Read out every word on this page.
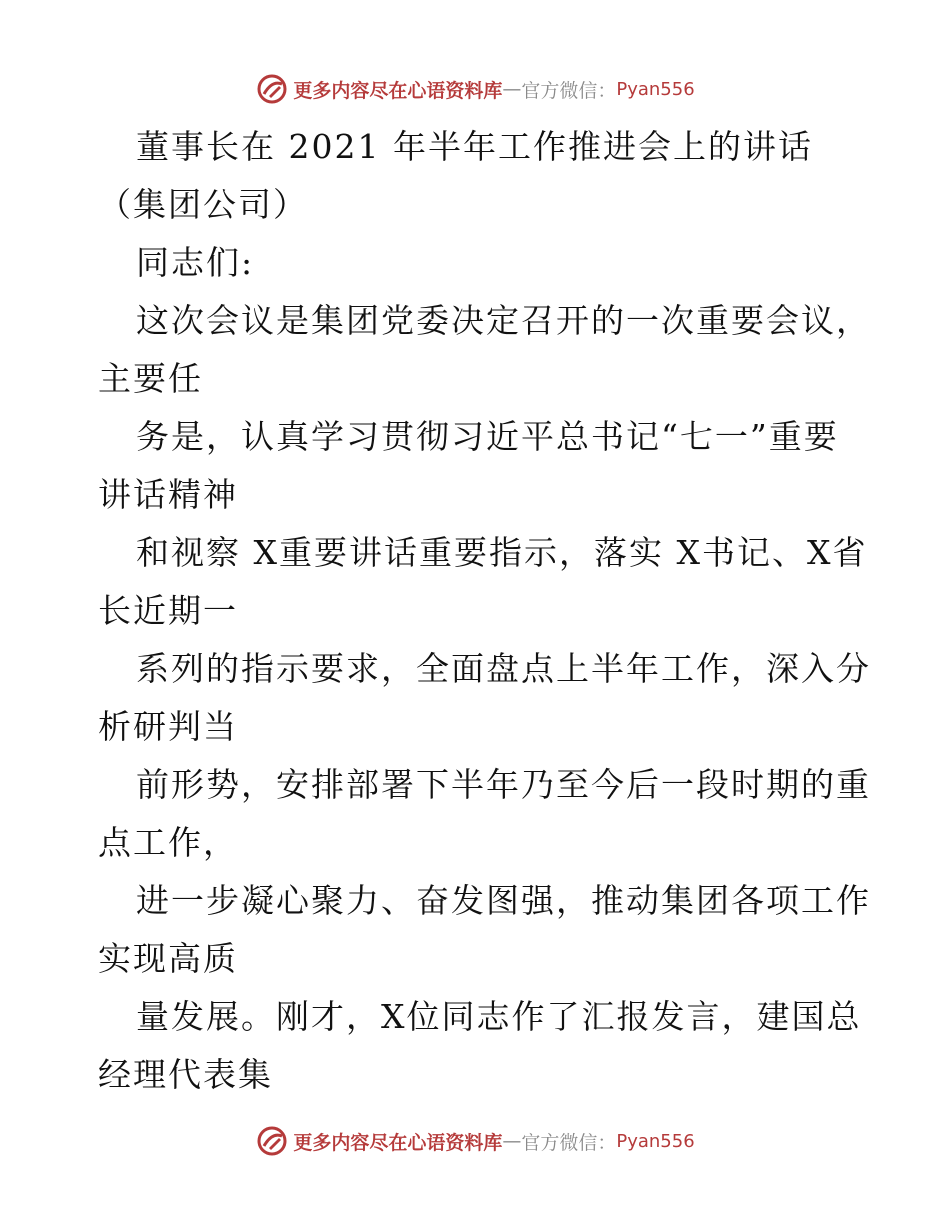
更多内容尽在心语资料库 — 官方微信： Pyan556
董事长在 2021 年半年工作推进会上的讲话
（集团公司）
同志们:
这次会议是集团党委决定召开的一次重要会议，
主要任
务是，认真学习贯彻习近平总书记“七一”重要
讲话精神
和视察 X重要讲话重要指示，落实 X书记、X省
长近期一
系列的指示要求，全面盘点上半年工作，深入分
析研判当
前形势，安排部署下半年乃至今后一段时期的重
点工作，
进一步凝心聚力、奋发图强，推动集团各项工作
实现高质
量发展。刚才，X位同志作了汇报发言，建国总
经理代表集
更多内容尽在心语资料库 — 官方微信： Pyan556
